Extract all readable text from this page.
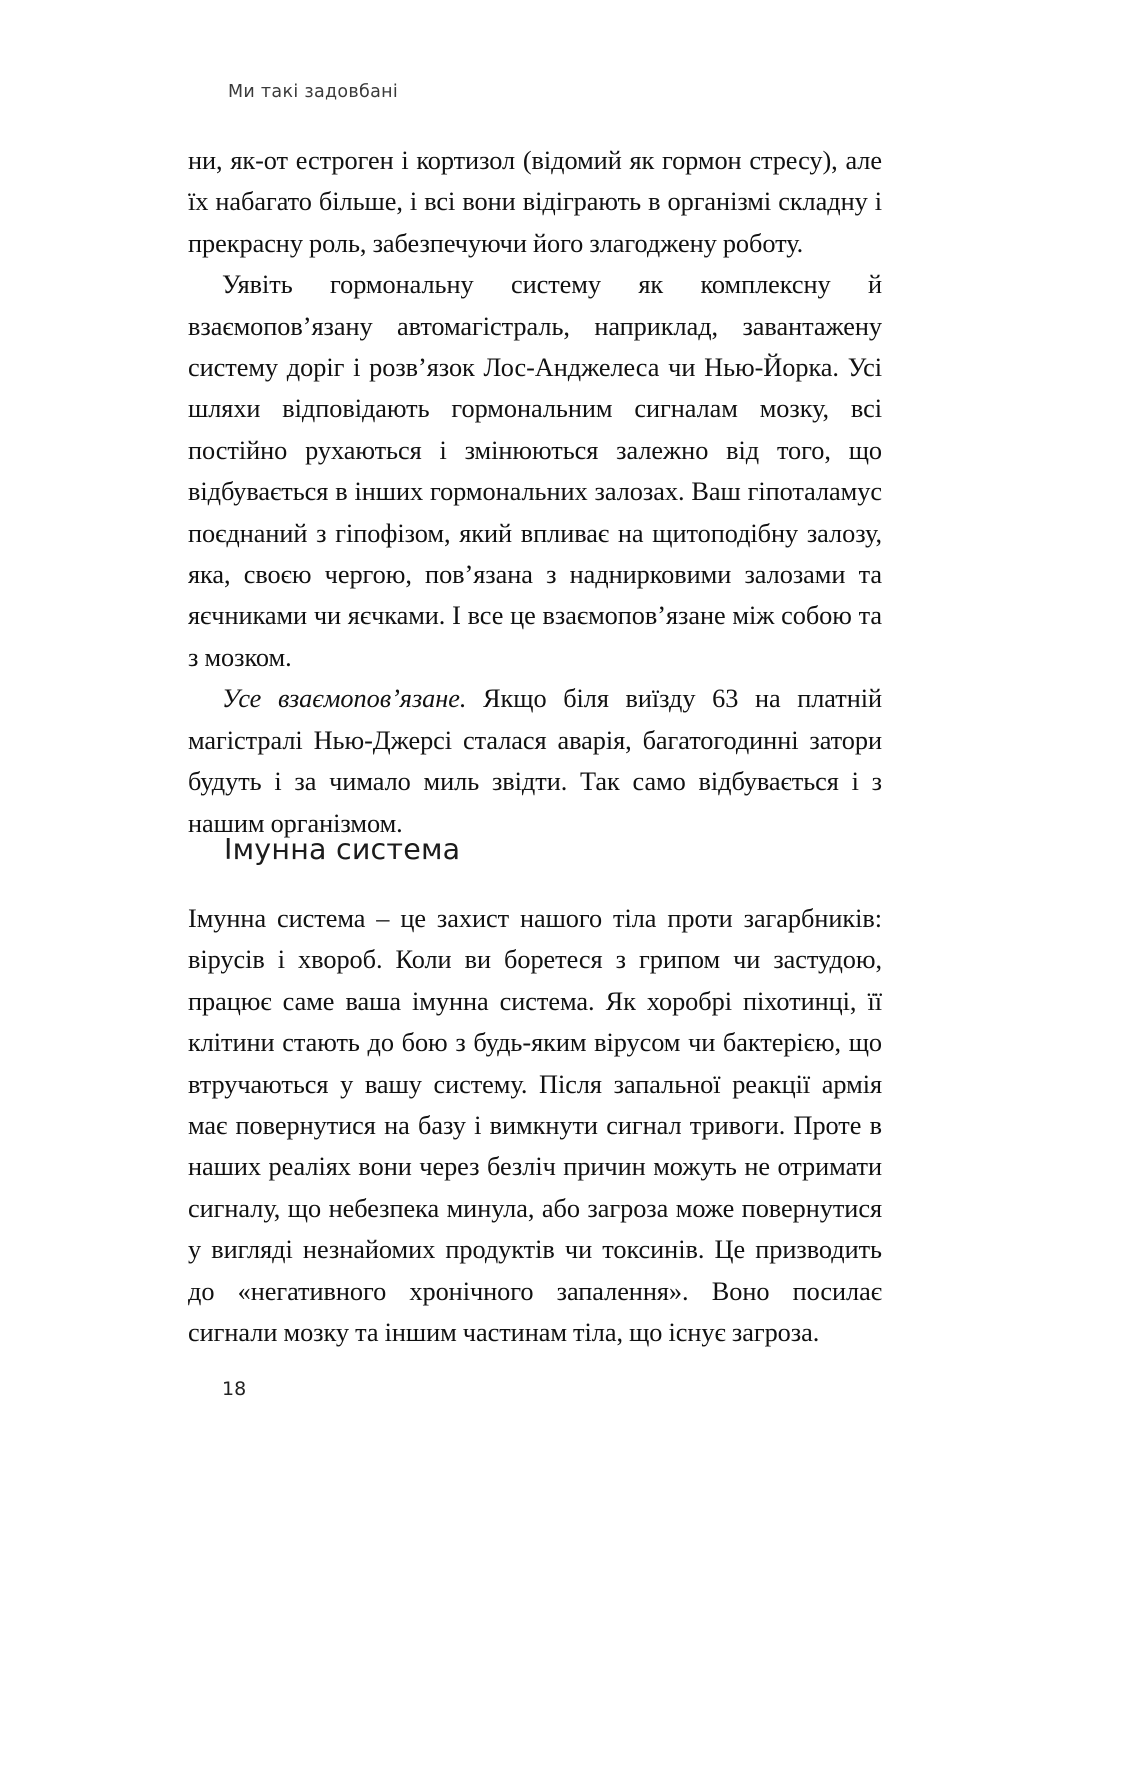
Ми такі задовбані

ни, як-от естроген і кортизол (відомий як гормон стресу), але їх набагато більше, і всі вони відіграють в організмі складну і прекрасну роль, забезпечуючи його злагоджену роботу.

Уявіть гормональну систему як комплексну й взаємопов’язану автомагістраль, наприклад, завантажену систему доріг і розв’язок Лос-Анджелеса чи Нью-Йорка. Усі шляхи відповідають гормональним сигналам мозку, всі постійно рухаються і змінюються залежно від того, що відбувається в інших гормональних залозах. Ваш гіпоталамус поєднаний з гіпофізом, який впливає на щитоподібну залозу, яка, своєю чергою, пов’язана з наднирковими залозами та яєчниками чи яєчками. І все це взаємопов’язане між собою та з мозком.

Усе взаємопов’язане. Якщо біля виїзду 63 на платній магістралі Нью-Джерсі сталася аварія, багатогодинні затори будуть і за чимало миль звідти. Так само відбувається і з нашим організмом.

Імунна система

Імунна система – це захист нашого тіла проти загарбників: вірусів і хвороб. Коли ви боретеся з грипом чи застудою, працює саме ваша імунна система. Як хоробрі піхотинці, її клітини стають до бою з будь-яким вірусом чи бактерією, що втручаються у вашу систему. Після запальної реакції армія має повернутися на базу і вимкнути сигнал тривоги. Проте в наших реаліях вони через безліч причин можуть не отримати сигналу, що небезпека минула, або загроза може повернутися у вигляді незнайомих продуктів чи токсинів. Це призводить до «негативного хронічного запалення». Воно посилає сигнали мозку та іншим частинам тіла, що існує загроза.

18
